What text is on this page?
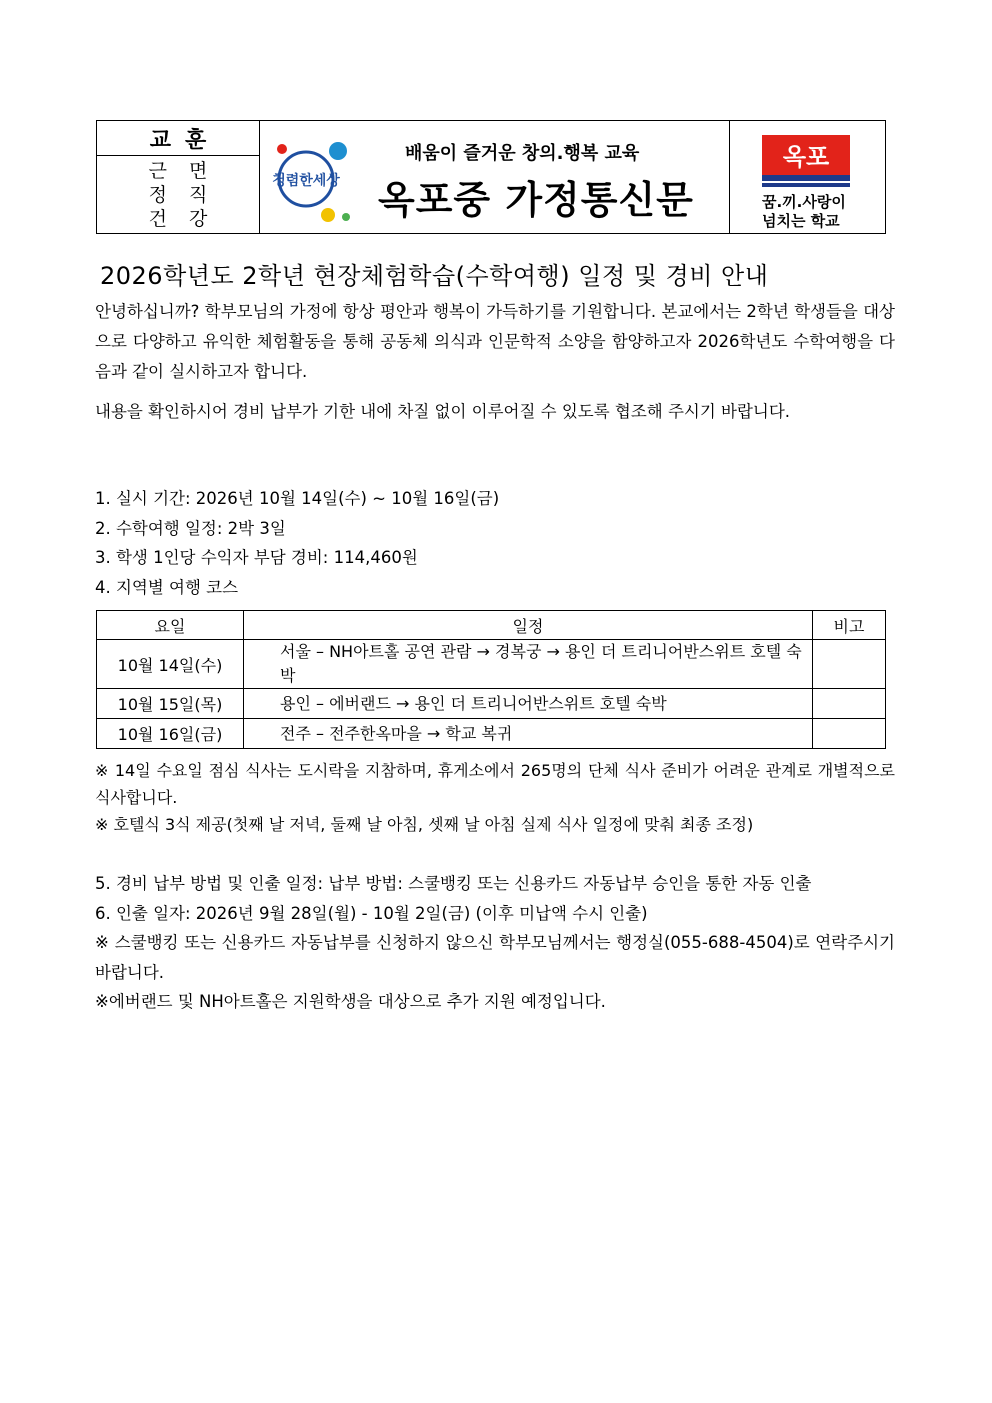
교훈
근면
정직
건강
청렴한세상
배움이 즐거운 창의.행복 교육
옥포중 가정통신문
옥포
꿈.끼.사랑이
넘치는 학교
2026학년도 2학년 현장체험학습(수학여행) 일정 및 경비 안내
안녕하십니까? 학부모님의 가정에 항상 평안과 행복이 가득하기를 기원합니다. 본교에서는 2학년 학생들을 대상으로 다양하고 유익한 체험활동을 통해 공동체 의식과 인문학적 소양을 함양하고자 2026학년도 수학여행을 다음과 같이 실시하고자 합니다.
내용을 확인하시어 경비 납부가 기한 내에 차질 없이 이루어질 수 있도록 협조해 주시기 바랍니다.
1. 실시 기간: 2026년 10월 14일(수) ~ 10월 16일(금)
2. 수학여행 일정: 2박 3일
3. 학생 1인당 수익자 부담 경비: 114,460원
4. 지역별 여행 코스
요일	일정	비고
10월 14일(수)	서울 – NH아트홀 공연 관람 → 경복궁 → 용인 더 트리니어반스위트 호텔 숙박	
10월 15일(목)	용인 – 에버랜드 → 용인 더 트리니어반스위트 호텔 숙박	
10월 16일(금)	전주 – 전주한옥마을 → 학교 복귀	
※ 14일 수요일 점심 식사는 도시락을 지참하며, 휴게소에서 265명의 단체 식사 준비가 어려운 관계로 개별적으로 식사합니다.
※ 호텔식 3식 제공(첫째 날 저녁, 둘째 날 아침, 셋째 날 아침 실제 식사 일정에 맞춰 최종 조정)
5. 경비 납부 방법 및 인출 일정: 납부 방법: 스쿨뱅킹 또는 신용카드 자동납부 승인을 통한 자동 인출
6. 인출 일자: 2026년 9월 28일(월) - 10월 2일(금) (이후 미납액 수시 인출)
※ 스쿨뱅킹 또는 신용카드 자동납부를 신청하지 않으신 학부모님께서는 행정실(055-688-4504)로 연락주시기 바랍니다.
※에버랜드 및 NH아트홀은 지원학생을 대상으로 추가 지원 예정입니다.
